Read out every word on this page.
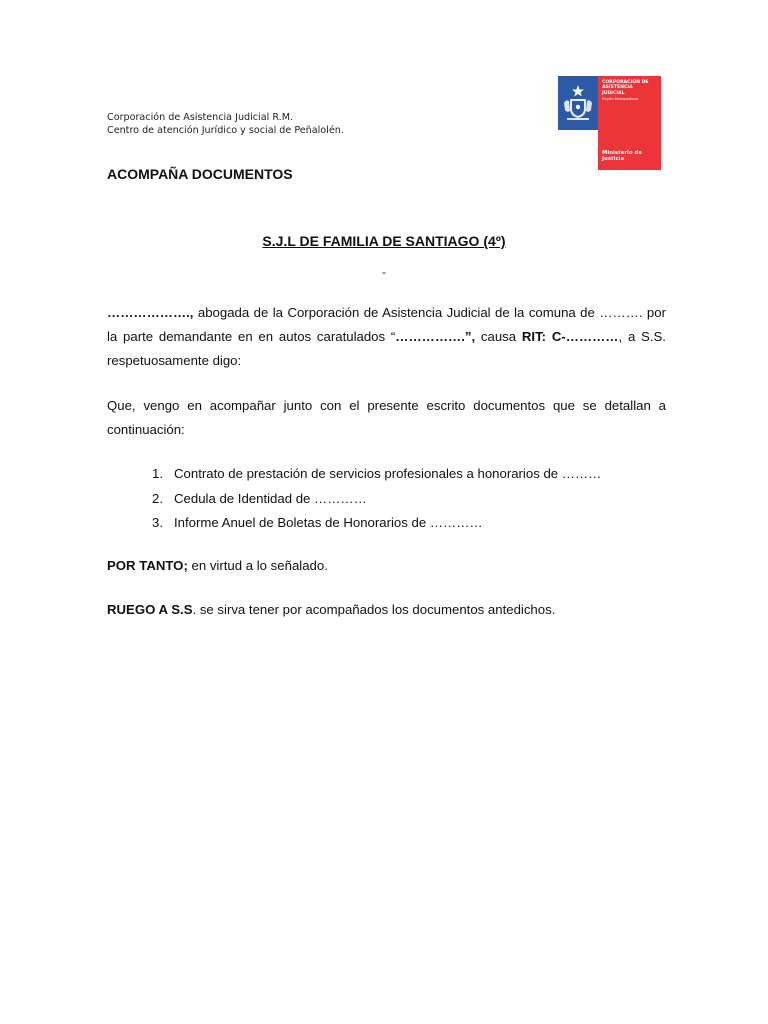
Corporación de Asistencia Judicial R.M.
Centro de atención Jurídico y social de Peñalolén.
CORPORACIÓN DE
ASISTENCIA
JUDICIAL
Región Metropolitana
Ministerio de
Justicia
ACOMPAÑA DOCUMENTOS
S.J.L DE FAMILIA DE SANTIAGO (4º)
-

………………., abogada de la Corporación de Asistencia Judicial de la comuna de ………. por la parte demandante en en autos caratulados “…………….”, causa RIT: C-…………, a S.S. respetuosamente digo:

Que, vengo en acompañar junto con el presente escrito documentos que se detallan a continuación:

1. Contrato de prestación de servicios profesionales a honorarios de ………
2. Cedula de Identidad de …………
3. Informe Anuel de Boletas de Honorarios de …………

POR TANTO; en virtud a lo señalado.

RUEGO A S.S. se sirva tener por acompañados los documentos antedichos.
